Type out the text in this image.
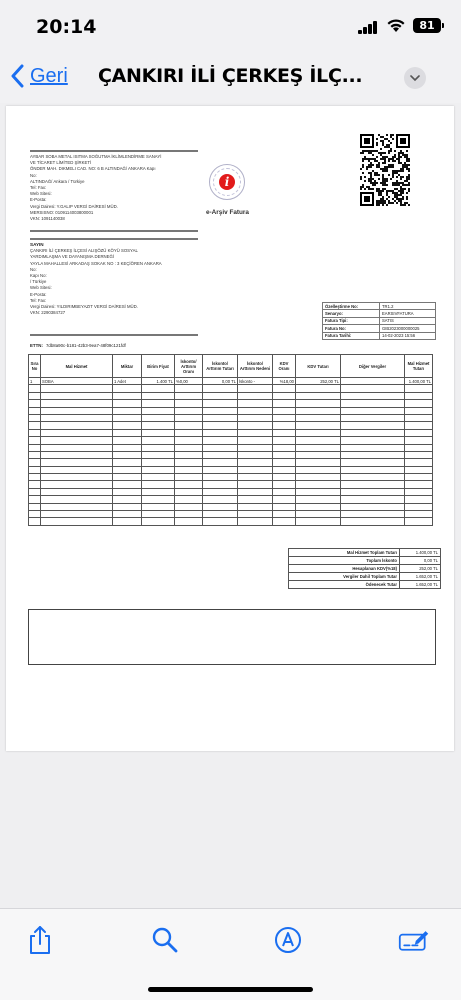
20:14	81
Geri ÇANKIRI İLİ ÇERKEŞ İLÇ...
AYBAR SOBA METAL ISITMA SOĞUTMA İKLİMLENDİRME SANAYİ
VE TİCARET LİMİTED ŞİRKETİ
ÖNDER MAH. DIKMELI CAD. NO: 6 B ALTINDAĞ/ ANKARA Kapı
No:
ALTINDAĞ/ Ankara / Türkiye
Tel: Fax:
Web Sitesi:
E-Posta:
Vergi Dairesi: Y.GALIP VERGİ DAİRESİ MÜD.
MERSISNO: 0109114003800001
VKN: 1091140038
SAYIN
ÇANKIRI İLİ ÇERKEŞ İLÇESİ ALIŞÖZÜ KÖYÜ SOSYAL
YARDIMLAŞMA VE DAYANIŞMA DERNEĞİ
YAYLA MAHALLESİ ARKADAŞ SOKAK NO : 3 KEÇİÖREN ANKARA
No:
Kapı No:
/ Türkiye
Web Sitesi:
E-Posta:
Tel: Fax:
Vergi Dairesi: YILDIRIMBEYAZIT VERGİ DAİRESİ MÜD.
VKN: 2290384727
i
e-Arşiv Fatura
Özelleştirme No:	TR1.2
Senaryo:	EARSIVFATURA
Fatura Tipi:	SATIS
Fatura No:	GIB2023000000025
Fatura Tarihi:	14-02-2023 15:56
ETTN: 7db8a90c-b181-42b3-9ea7-48f09c121fdf
Sıra No	Mal Hizmet	Miktar	Birim Fiyat	İskonto/ Arttırım Oranı	İskonto/ Arttırım Tutarı	İskonto/ Arttırım Nedeni	KDV Oranı	KDV Tutarı	Diğer Vergiler	Mal Hizmet Tutarı
1	SOBA	1 Adet	1.400 TL	%0,00	0,00 TL	İskonto -	%18,00	252,00 TL		1.400,00 TL

Mal Hizmet Toplam Tutarı	1.400,00 TL
Toplam İskonto	0,00 TL
Hesaplanan KDV(%18)	252,00 TL
Vergiler Dahil Toplam Tutar	1.652,00 TL
Ödenecek Tutar	1.652,00 TL
